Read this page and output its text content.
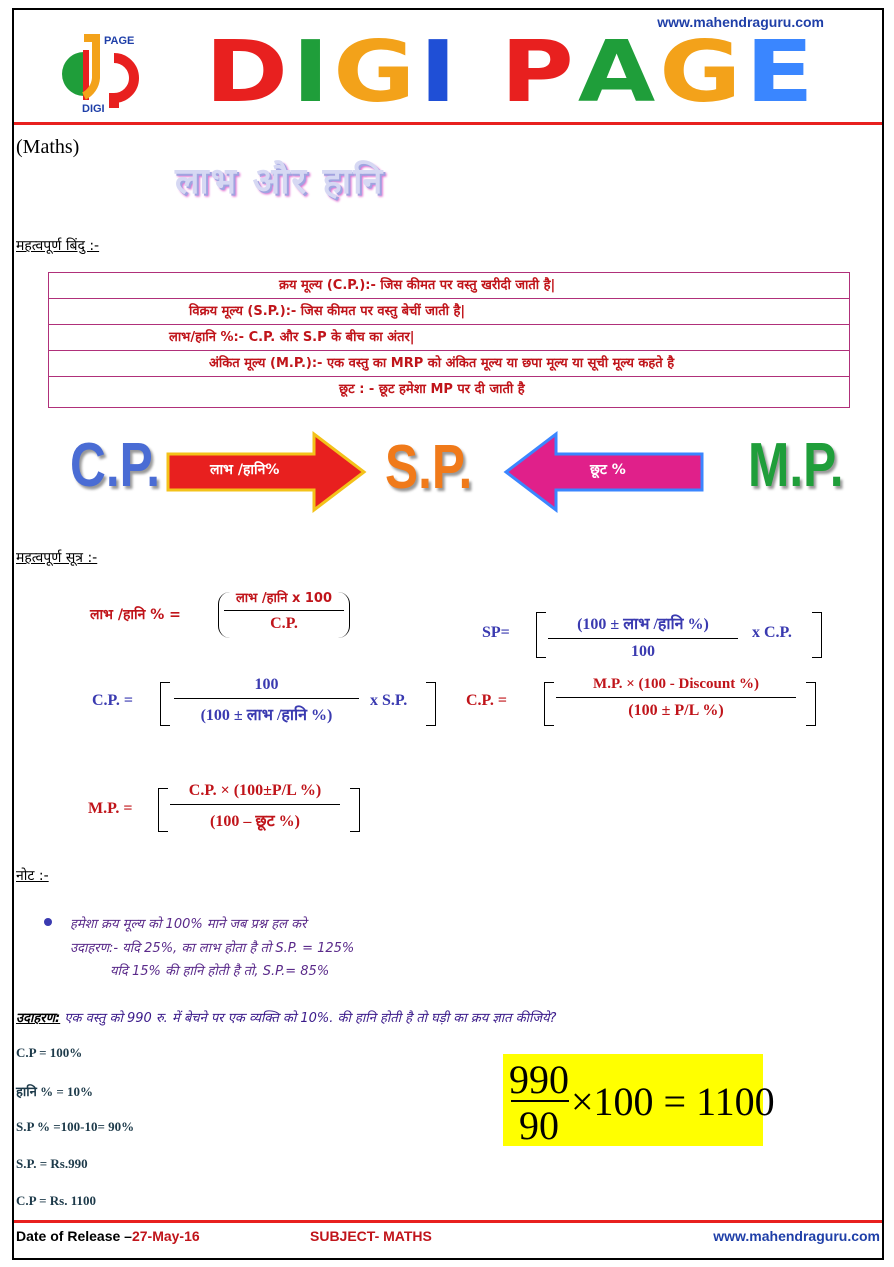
www.mahendraguru.com
PAGE
DIGI DIGI PAGE
(Maths)
लाभ और हानि
महत्वपूर्ण बिंदु :-
क्रय मूल्य (C.P.):- जिस कीमत पर वस्तु खरीदी जाती है|
विक्रय मूल्य (S.P.):- जिस कीमत पर वस्तु बेचीं जाती है|
लाभ/हानि %:- C.P. और S.P के बीच का अंतर|
अंकित मूल्य (M.P.):- एक वस्तु का MRP को अंकित मूल्य या छपा मूल्य या सूची मूल्य कहते है
छूट : - छूट हमेशा MP पर दी जाती है
C.P.	लाभ /हानि% S.P.	छूट % M.P.
महत्वपूर्ण सूत्र :-
लाभ /हानि % =
लाभ /हानि x 100
C.P.
SP=	(100 ± लाभ /हानि %)
100
x C.P.
C.P. =
100
(100 ± लाभ /हानि %)
x S.P.	C.P. =
M.P. × (100 - Discount %)
(100 ± P/L %)
M.P. =
C.P. × (100±P/L %)
(100 – छूट %)
नोट :-
हमेशा क्रय मूल्य को 100% माने जब प्रश्न हल करे
उदाहरण:- यदि 25%, का लाभ होता है तो S.P. = 125%
यदि 15% की हानि होती है तो, S.P.= 85%
उदाहरण: एक वस्तु को 990 रु. में बेचने पर एक व्यक्ति को 10%. की हानि होती है तो घड़ी का क्रय ज्ञात कीजिये?
C.P = 100%
हानि % = 10%
S.P % =100-10= 90%
S.P. = Rs.990
C.P = Rs. 1100
990
90
×100 = 1100
Date of Release –27-May-16	SUBJECT- MATHS	www.mahendraguru.com
